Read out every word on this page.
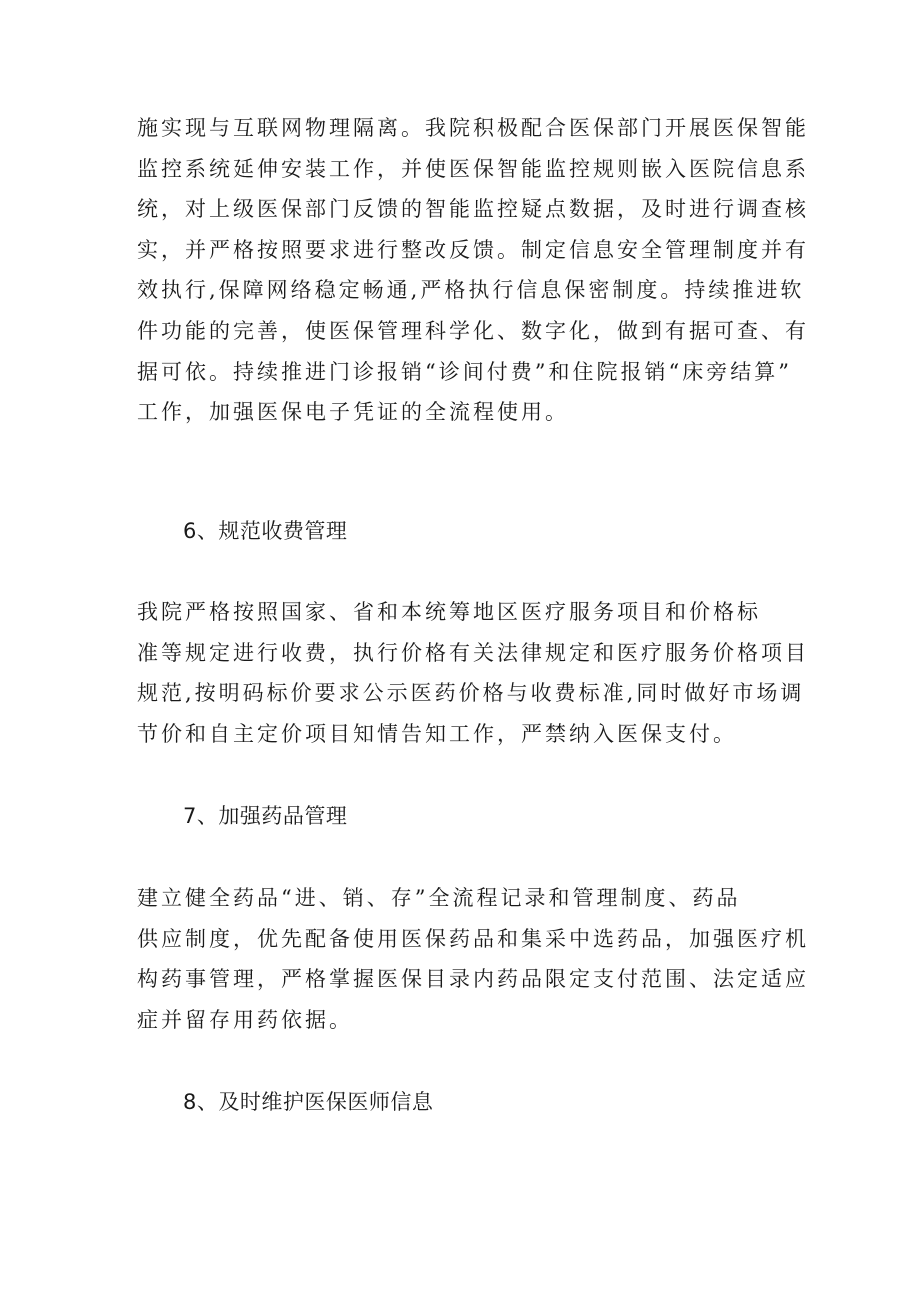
施实现与互联网物理隔离。我院积极配合医保部门开展医保智能
监控系统延伸安装工作，并使医保智能监控规则嵌入医院信息系
统，对上级医保部门反馈的智能监控疑点数据，及时进行调查核
实，并严格按照要求进行整改反馈。制定信息安全管理制度并有
效执行,保障网络稳定畅通,严格执行信息保密制度。持续推进软
件功能的完善，使医保管理科学化、数字化，做到有据可查、有
据可依。持续推进门诊报销“诊间付费”和住院报销“床旁结算”
工作，加强医保电子凭证的全流程使用。

6、规范收费管理

我院严格按照国家、省和本统筹地区医疗服务项目和价格标
准等规定进行收费，执行价格有关法律规定和医疗服务价格项目
规范,按明码标价要求公示医药价格与收费标准,同时做好市场调
节价和自主定价项目知情告知工作，严禁纳入医保支付。

7、加强药品管理

建立健全药品“进、销、存”全流程记录和管理制度、药品
供应制度，优先配备使用医保药品和集采中选药品，加强医疗机
构药事管理，严格掌握医保目录内药品限定支付范围、法定适应
症并留存用药依据。

8、及时维护医保医师信息
